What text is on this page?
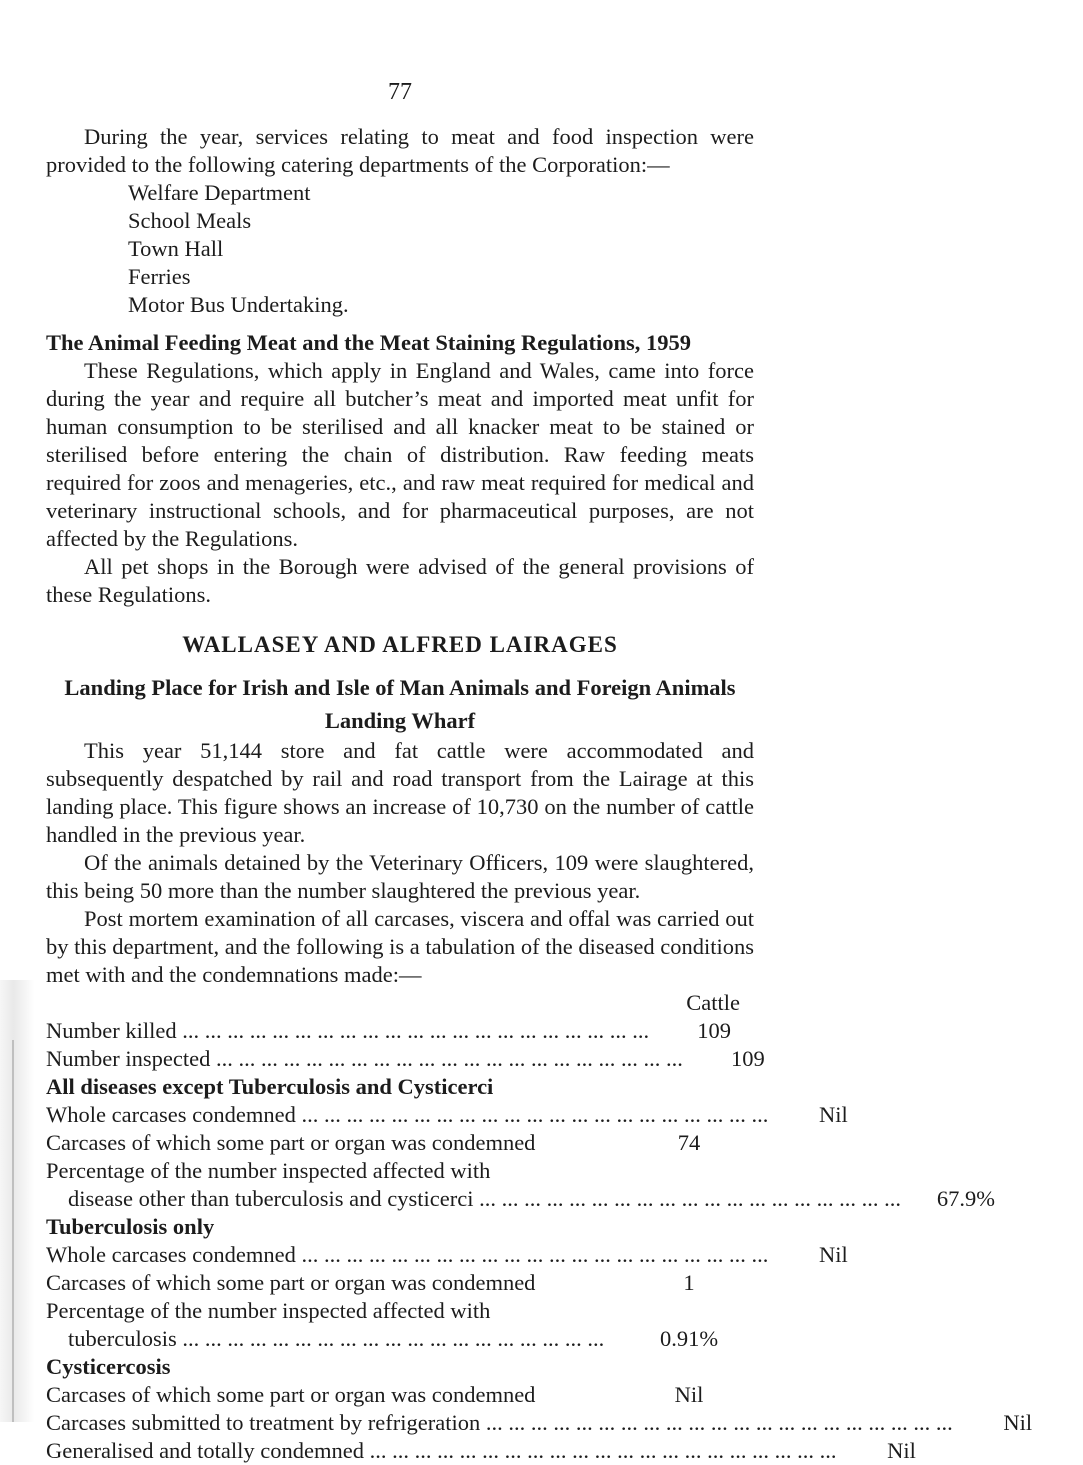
77

During the year, services relating to meat and food inspection were provided to the following catering departments of the Corporation:—

Welfare Department
School Meals
Town Hall
Ferries
Motor Bus Undertaking.

The Animal Feeding Meat and the Meat Staining Regulations, 1959

These Regulations, which apply in England and Wales, came into force during the year and require all butcher’s meat and imported meat unfit for human consumption to be sterilised and all knacker meat to be stained or sterilised before entering the chain of distribution. Raw feeding meats required for zoos and menageries, etc., and raw meat required for medical and veterinary instructional schools, and for pharmaceutical purposes, are not affected by the Regulations.

All pet shops in the Borough were advised of the general provisions of these Regulations.

WALLASEY AND ALFRED LAIRAGES

Landing Place for Irish and Isle of Man Animals and Foreign Animals Landing Wharf

This year 51,144 store and fat cattle were accommodated and subsequently despatched by rail and road transport from the Lairage at this landing place. This figure shows an increase of 10,730 on the number of cattle handled in the previous year.

Of the animals detained by the Veterinary Officers, 109 were slaughtered, this being 50 more than the number slaughtered the previous year.

Post mortem examination of all carcases, viscera and offal was carried out by this department, and the following is a tabulation of the diseased conditions met with and the condemnations made:—

Cattle
Number killed ... .	109
Number inspected ... .	109
All diseases except Tuberculosis and Cysticerci
Whole carcases condemned ... .	Nil
Carcases of which some part or organ was condemned	74
Percentage of the number inspected affected with
disease other than tuberculosis and cysticerci ... .	67.9%
Tuberculosis only
Whole carcases condemned ... .	Nil
Carcases of which some part or organ was condemned	1
Percentage of the number inspected affected with
tuberculosis ... .	0.91%
Cysticercosis
Carcases of which some part or organ was condemned	Nil
Carcases submitted to treatment by refrigeration ... .	Nil
Generalised and totally condemned ... .	Nil
